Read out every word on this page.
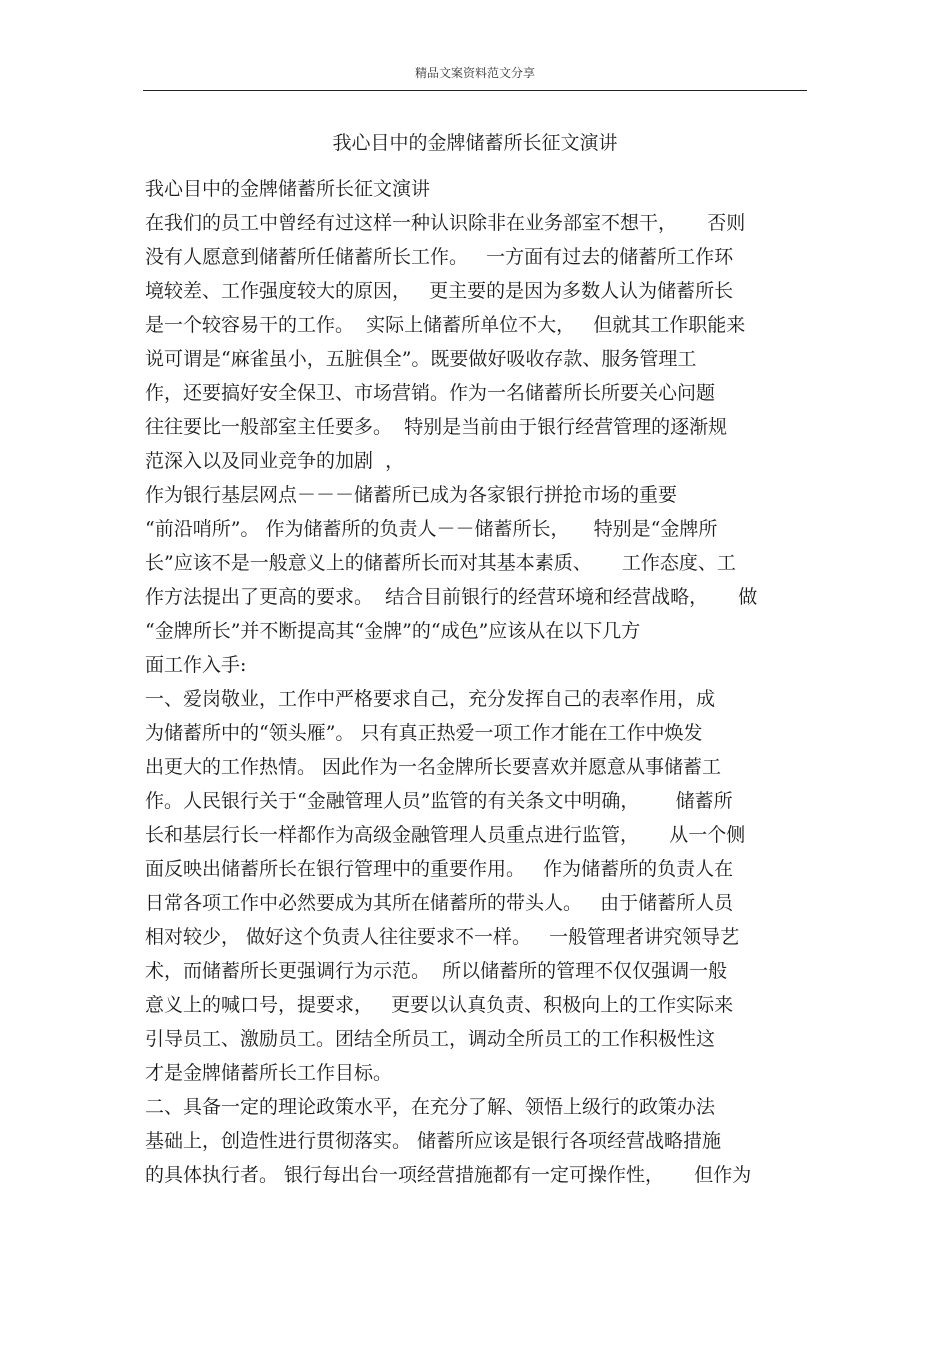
精品文案资料范文分享
我心目中的金牌储蓄所长征文演讲
我心目中的金牌储蓄所长征文演讲
在我们的员工中曾经有过这样一种认识除非在业务部室不想干，     否则
没有人愿意到储蓄所任储蓄所长工作。   一方面有过去的储蓄所工作环
境较差、工作强度较大的原因，   更主要的是因为多数人认为储蓄所长
是一个较容易干的工作。  实际上储蓄所单位不大，   但就其工作职能来
说可谓是“麻雀虽小，五脏俱全”。既要做好吸收存款、服务管理工
作，还要搞好安全保卫、市场营销。作为一名储蓄所长所要关心问题
往往要比一般部室主任要多。  特别是当前由于银行经营管理的逐渐规
范深入以及同业竞争的加剧  ，
作为银行基层网点－－－储蓄所已成为各家银行拼抢市场的重要
“前沿哨所”。 作为储蓄所的负责人－－储蓄所长，    特别是“金牌所
长”应该不是一般意义上的储蓄所长而对其基本素质、     工作态度、工
作方法提出了更高的要求。  结合目前银行的经营环境和经营战略，     做
“金牌所长”并不断提高其“金牌”的“成色”应该从在以下几方
面工作入手:
一、爱岗敬业，工作中严格要求自己，充分发挥自己的表率作用，成
为储蓄所中的“领头雁”。 只有真正热爱一项工作才能在工作中焕发
出更大的工作热情。 因此作为一名金牌所长要喜欢并愿意从事储蓄工
作。人民银行关于“金融管理人员”监管的有关条文中明确，      储蓄所
长和基层行长一样都作为高级金融管理人员重点进行监管，     从一个侧
面反映出储蓄所长在银行管理中的重要作用。   作为储蓄所的负责人在
日常各项工作中必然要成为其所在储蓄所的带头人。   由于储蓄所人员
相对较少， 做好这个负责人往往要求不一样。   一般管理者讲究领导艺
术，而储蓄所长更强调行为示范。  所以储蓄所的管理不仅仅强调一般
意义上的喊口号，提要求，   更要以认真负责、积极向上的工作实际来
引导员工、激励员工。团结全所员工，调动全所员工的工作积极性这
才是金牌储蓄所长工作目标。
二、具备一定的理论政策水平，在充分了解、领悟上级行的政策办法
基础上，创造性进行贯彻落实。 储蓄所应该是银行各项经营战略措施
的具体执行者。 银行每出台一项经营措施都有一定可操作性，     但作为
